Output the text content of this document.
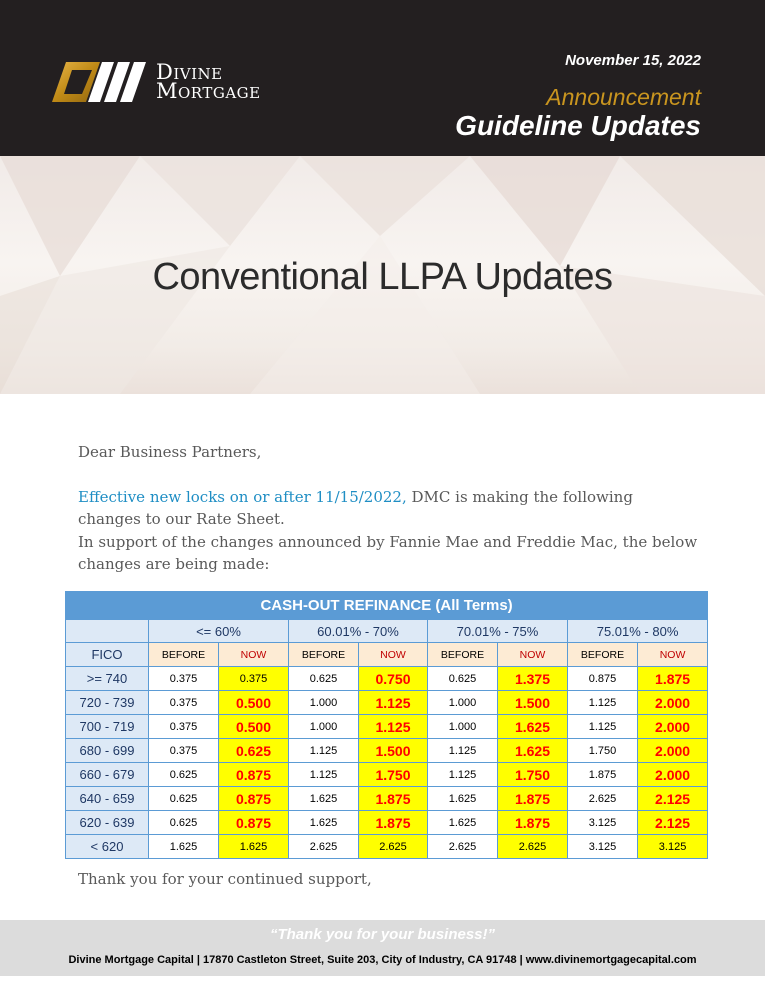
Divine
Mortgage
November 15, 2022
Announcement
Guideline Updates
Conventional LLPA Updates
Dear Business Partners,
Effective new locks on or after 11/15/2022, DMC is making the following changes to our Rate Sheet.
In support of the changes announced by Fannie Mae and Freddie Mac, the below changes are being made:
CASH-OUT REFINANCE (All Terms)								
	<= 60%		60.01% - 70%		70.01% - 75%		75.01% - 80%	
FICO	BEFORE	NOW	BEFORE	NOW	BEFORE	NOW	BEFORE	NOW
>= 740	0.375	0.375	0.625	0.750	0.625	1.375	0.875	1.875
720 - 739	0.375	0.500	1.000	1.125	1.000	1.500	1.125	2.000
700 - 719	0.375	0.500	1.000	1.125	1.000	1.625	1.125	2.000
680 - 699	0.375	0.625	1.125	1.500	1.125	1.625	1.750	2.000
660 - 679	0.625	0.875	1.125	1.750	1.125	1.750	1.875	2.000
640 - 659	0.625	0.875	1.625	1.875	1.625	1.875	2.625	2.125
620 - 639	0.625	0.875	1.625	1.875	1.625	1.875	3.125	2.125
< 620	1.625	1.625	2.625	2.625	2.625	2.625	3.125	3.125
Thank you for your continued support,
“Thank you for your business!”
Divine Mortgage Capital | 17870 Castleton Street, Suite 203, City of Industry, CA 91748 | www.divinemortgagecapital.com
